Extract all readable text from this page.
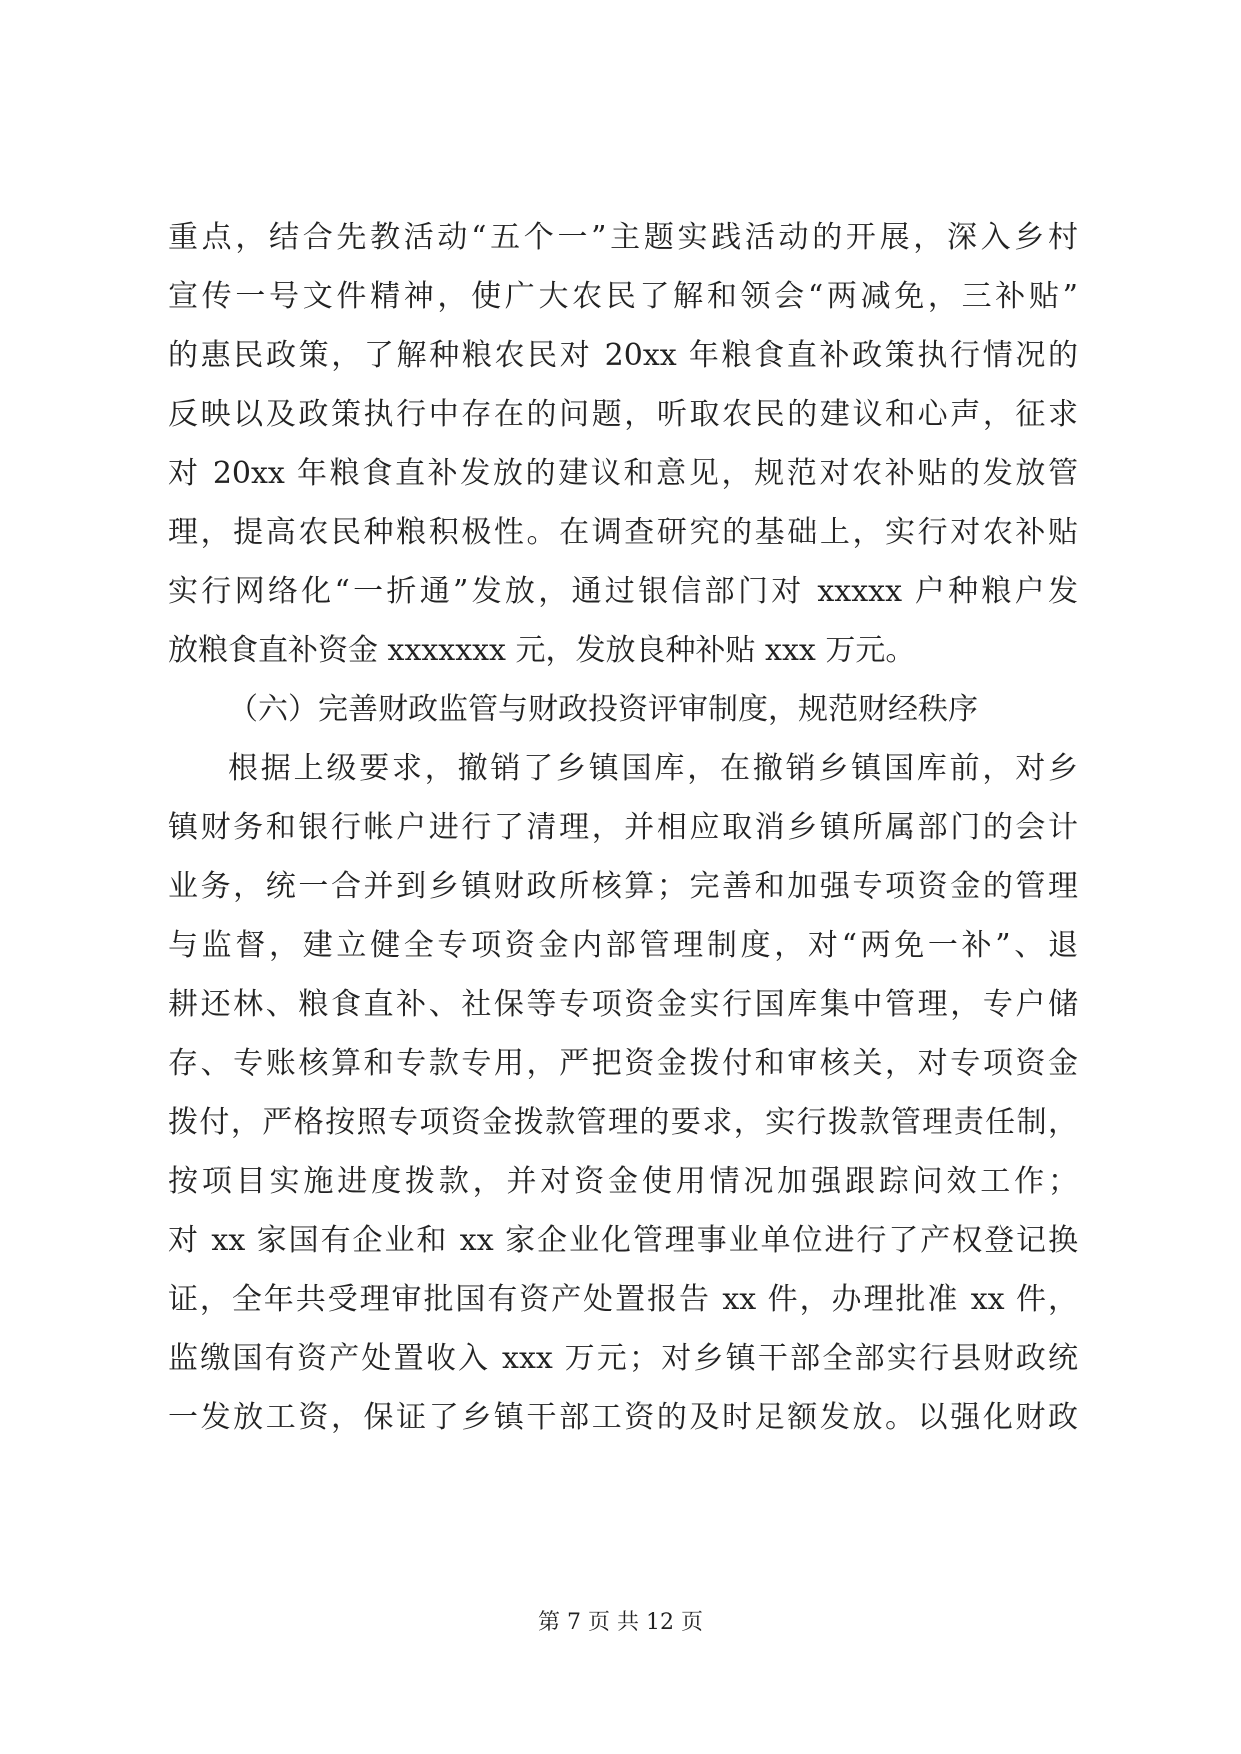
重点，结合先教活动“五个一”主题实践活动的开展，深入乡村
宣传一号文件精神，使广大农民了解和领会“两减免，三补贴”
的惠民政策，了解种粮农民对 20xx 年粮食直补政策执行情况的
反映以及政策执行中存在的问题，听取农民的建议和心声，征求
对 20xx 年粮食直补发放的建议和意见，规范对农补贴的发放管
理，提高农民种粮积极性。在调查研究的基础上，实行对农补贴
实行网络化“一折通”发放，通过银信部门对 xxxxx 户种粮户发
放粮食直补资金 xxxxxxx 元，发放良种补贴 xxx 万元。
（六）完善财政监管与财政投资评审制度，规范财经秩序
根据上级要求，撤销了乡镇国库，在撤销乡镇国库前，对乡
镇财务和银行帐户进行了清理，并相应取消乡镇所属部门的会计
业务，统一合并到乡镇财政所核算；完善和加强专项资金的管理
与监督，建立健全专项资金内部管理制度，对“两免一补”、退
耕还林、粮食直补、社保等专项资金实行国库集中管理，专户储
存、专账核算和专款专用，严把资金拨付和审核关，对专项资金
拨付，严格按照专项资金拨款管理的要求，实行拨款管理责任制，
按项目实施进度拨款，并对资金使用情况加强跟踪问效工作；
对 xx 家国有企业和 xx 家企业化管理事业单位进行了产权登记换
证，全年共受理审批国有资产处置报告 xx 件，办理批准 xx 件，
监缴国有资产处置收入 xxx 万元；对乡镇干部全部实行县财政统
一发放工资，保证了乡镇干部工资的及时足额发放。以强化财政
第 7 页 共 12 页
